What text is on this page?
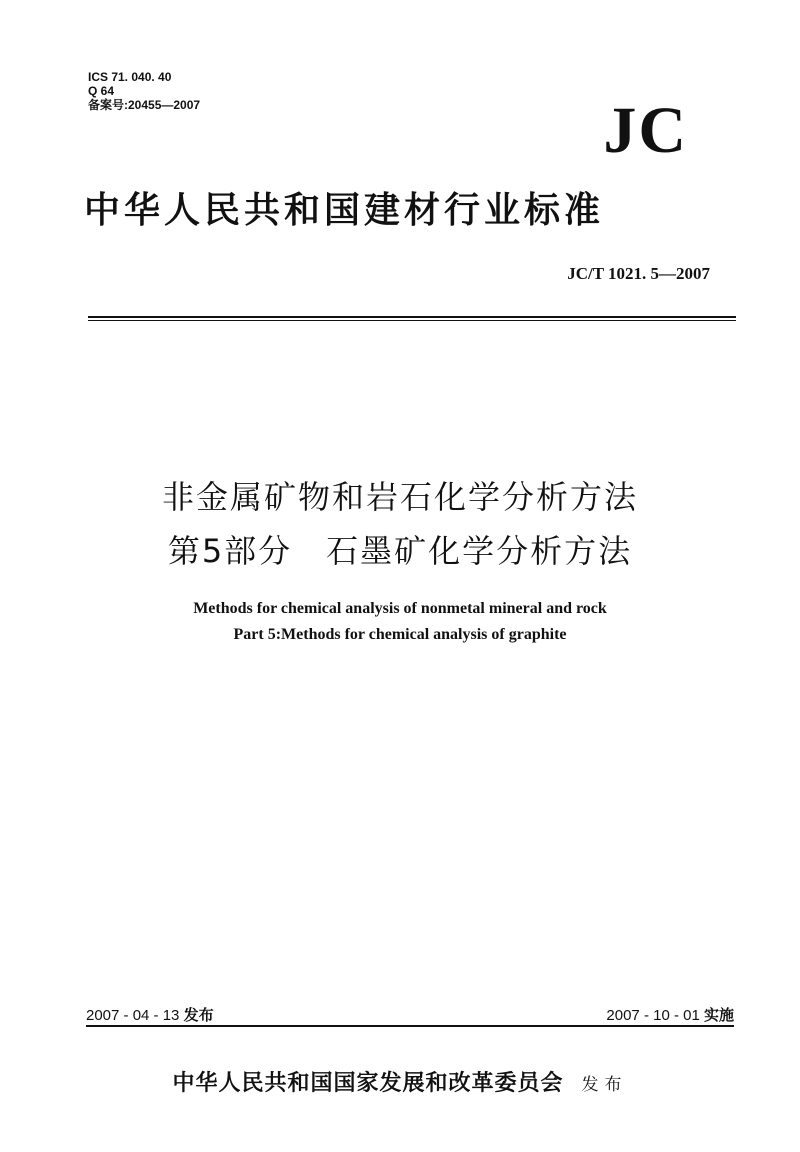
ICS 71. 040. 40
Q 64
备案号:20455—2007	JC
中华人民共和国建材行业标准
JC/T 1021. 5—2007
非金属矿物和岩石化学分析方法
第5部分　石墨矿化学分析方法
Methods for chemical analysis of nonmetal mineral and rock
Part 5:Methods for chemical analysis of graphite
2007 - 04 - 13 发布	2007 - 10 - 01 实施
中华人民共和国国家发展和改革委员会 发布
